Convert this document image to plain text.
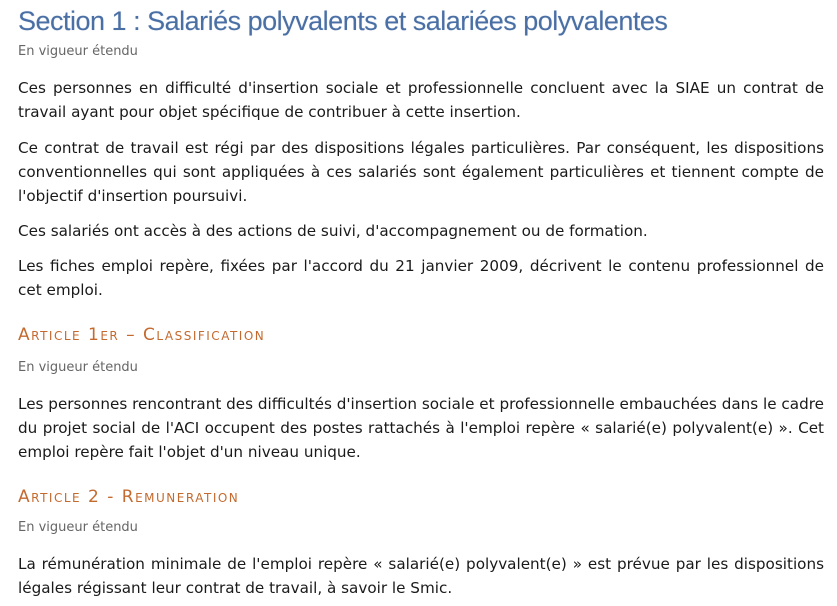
Section 1 : Salariés polyvalents et salariées polyvalentes
En vigueur étendu

Ces personnes en difficulté d'insertion sociale et professionnelle concluent avec la SIAE un contrat de travail ayant pour objet spécifique de contribuer à cette insertion.

Ce contrat de travail est régi par des dispositions légales particulières. Par conséquent, les dispositions conventionnelles qui sont appliquées à ces salariés sont également particulières et tiennent compte de l'objectif d'insertion poursuivi.

Ces salariés ont accès à des actions de suivi, d'accompagnement ou de formation.

Les fiches emploi repère, fixées par l'accord du 21 janvier 2009, décrivent le contenu professionnel de cet emploi.

Article 1er – Classification
En vigueur étendu

Les personnes rencontrant des difficultés d'insertion sociale et professionnelle embauchées dans le cadre du projet social de l'ACI occupent des postes rattachés à l'emploi repère « salarié(e) polyvalent(e) ». Cet emploi repère fait l'objet d'un niveau unique.

Article 2 - Remuneration
En vigueur étendu

La rémunération minimale de l'emploi repère « salarié(e) polyvalent(e) » est prévue par les dispositions légales régissant leur contrat de travail, à savoir le Smic.
